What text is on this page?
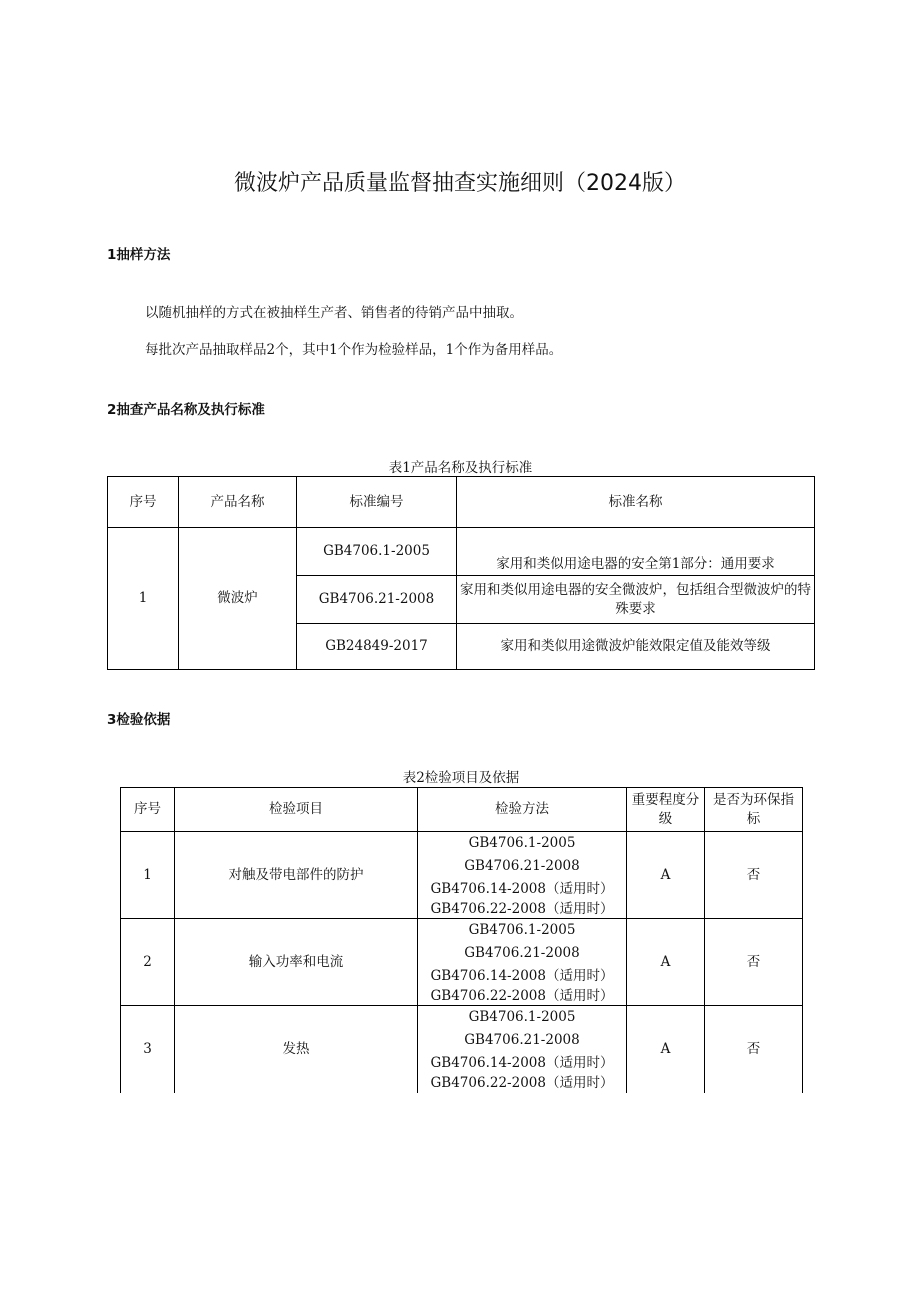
微波炉产品质量监督抽查实施细则（2024版）
1抽样方法
以随机抽样的方式在被抽样生产者、销售者的待销产品中抽取。
每批次产品抽取样品2个，其中1个作为检验样品，1个作为备用样品。
2抽查产品名称及执行标准
表1产品名称及执行标准
序号	产品名称	标准编号	标准名称
1	微波炉	GB4706.1-2005	家用和类似用途电器的安全第1部分：通用要求
		GB4706.21-2008	家用和类似用途电器的安全微波炉，包括组合型微波炉的特殊要求
		GB24849-2017	家用和类似用途微波炉能效限定值及能效等级
3检验依据
表2检验项目及依据
序号	检验项目	检验方法	重要程度分级	是否为环保指标
1	对触及带电部件的防护	GB4706.1-2005
GB4706.21-2008
GB4706.14-2008（适用时）
GB4706.22-2008（适用时）	A	否
2	输入功率和电流	GB4706.1-2005
GB4706.21-2008
GB4706.14-2008（适用时）
GB4706.22-2008（适用时）	A	否
3	发热	GB4706.1-2005
GB4706.21-2008
GB4706.14-2008（适用时）
GB4706.22-2008（适用时）	A	否
